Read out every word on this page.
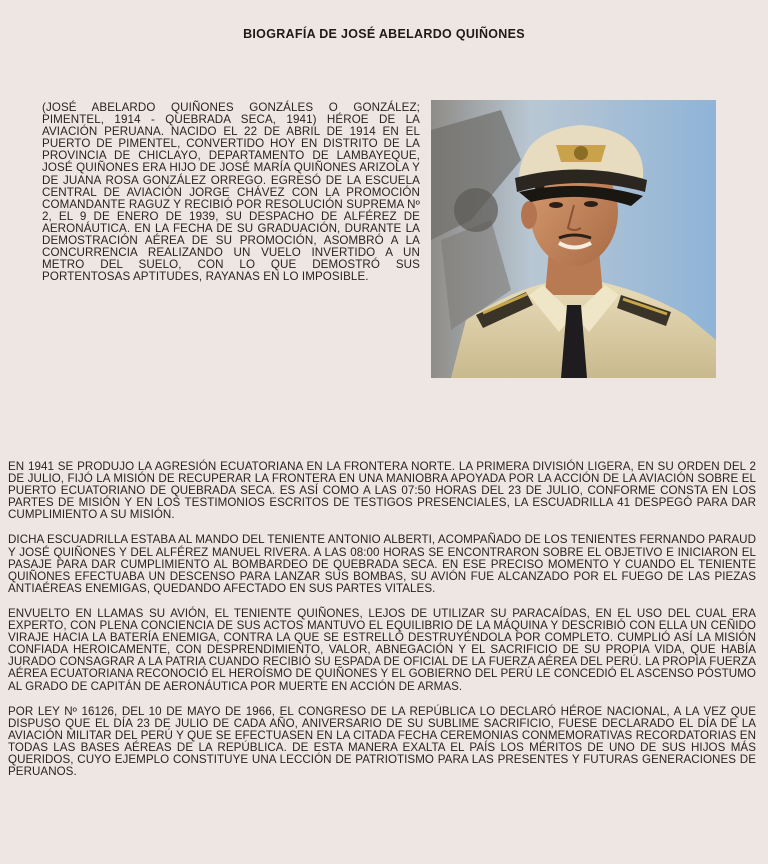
BIOGRAFÍA DE JOSÉ ABELARDO QUIÑONES
(JOSÉ ABELARDO QUIÑONES GONZÁLES O GONZÁLEZ; PIMENTEL, 1914 - QUEBRADA SECA, 1941) HÉROE DE LA AVIACIÓN PERUANA. NACIDO EL 22 DE ABRIL DE 1914 EN EL PUERTO DE PIMENTEL, CONVERTIDO HOY EN DISTRITO DE LA PROVINCIA DE CHICLAYO, DEPARTAMENTO DE LAMBAYEQUE, JOSÉ QUIÑONES ERA HIJO DE JOSÉ MARÍA QUIÑONES ARIZOLA Y DE JUANA ROSA GONZÁLEZ ORREGO. EGRESÓ DE LA ESCUELA CENTRAL DE AVIACIÓN JORGE CHÁVEZ CON LA PROMOCIÓN COMANDANTE RAGUZ Y RECIBIÓ POR RESOLUCIÓN SUPREMA Nº 2, EL 9 DE ENERO DE 1939, SU DESPACHO DE ALFÉREZ DE AERONÁUTICA. EN LA FECHA DE SU GRADUACIÓN, DURANTE LA DEMOSTRACIÓN AÉREA DE SU PROMOCIÓN, ASOMBRÓ A LA CONCURRENCIA REALIZANDO UN VUELO INVERTIDO A UN METRO DEL SUELO, CON LO QUE DEMOSTRÓ SUS PORTENTOSAS APTITUDES, RAYANAS EN LO IMPOSIBLE.

EN 1941 SE PRODUJO LA AGRESIÓN ECUATORIANA EN LA FRONTERA NORTE. LA PRIMERA DIVISIÓN LIGERA, EN SU ORDEN DEL 2 DE JULIO, FIJÓ LA MISIÓN DE RECUPERAR LA FRONTERA EN UNA MANIOBRA APOYADA POR LA ACCIÓN DE LA AVIACIÓN SOBRE EL PUERTO ECUATORIANO DE QUEBRADA SECA. ES ASÍ COMO A LAS 07:50 HORAS DEL 23 DE JULIO, CONFORME CONSTA EN LOS PARTES DE MISIÓN Y EN LOS TESTIMONIOS ESCRITOS DE TESTIGOS PRESENCIALES, LA ESCUADRILLA 41 DESPEGÓ PARA DAR CUMPLIMIENTO A SU MISIÓN.

DICHA ESCUADRILLA ESTABA AL MANDO DEL TENIENTE ANTONIO ALBERTI, ACOMPAÑADO DE LOS TENIENTES FERNANDO PARAUD Y JOSÉ QUIÑONES Y DEL ALFÉREZ MANUEL RIVERA. A LAS 08:00 HORAS SE ENCONTRARON SOBRE EL OBJETIVO E INICIARON EL PASAJE PARA DAR CUMPLIMIENTO AL BOMBARDEO DE QUEBRADA SECA. EN ESE PRECISO MOMENTO Y CUANDO EL TENIENTE QUIÑONES EFECTUABA UN DESCENSO PARA LANZAR SUS BOMBAS, SU AVIÓN FUE ALCANZADO POR EL FUEGO DE LAS PIEZAS ANTIAÉREAS ENEMIGAS, QUEDANDO AFECTADO EN SUS PARTES VITALES.

ENVUELTO EN LLAMAS SU AVIÓN, EL TENIENTE QUIÑONES, LEJOS DE UTILIZAR SU PARACAÍDAS, EN EL USO DEL CUAL ERA EXPERTO, CON PLENA CONCIENCIA DE SUS ACTOS MANTUVO EL EQUILIBRIO DE LA MÁQUINA Y DESCRIBIÓ CON ELLA UN CEÑIDO VIRAJE HACIA LA BATERÍA ENEMIGA, CONTRA LA QUE SE ESTRELLÓ DESTRUYÉNDOLA POR COMPLETO. CUMPLIÓ ASÍ LA MISIÓN CONFIADA HEROICAMENTE, CON DESPRENDIMIENTO, VALOR, ABNEGACIÓN Y EL SACRIFICIO DE SU PROPIA VIDA, QUE HABÍA JURADO CONSAGRAR A LA PATRIA CUANDO RECIBIÓ SU ESPADA DE OFICIAL DE LA FUERZA AÉREA DEL PERÚ. LA PROPIA FUERZA AÉREA ECUATORIANA RECONOCIÓ EL HEROÍSMO DE QUIÑONES Y EL GOBIERNO DEL PERÚ LE CONCEDIÓ EL ASCENSO PÓSTUMO AL GRADO DE CAPITÁN DE AERONÁUTICA POR MUERTE EN ACCIÓN DE ARMAS.

POR LEY Nº 16126, DEL 10 DE MAYO DE 1966, EL CONGRESO DE LA REPÚBLICA LO DECLARÓ HÉROE NACIONAL, A LA VEZ QUE DISPUSO QUE EL DÍA 23 DE JULIO DE CADA AÑO, ANIVERSARIO DE SU SUBLIME SACRIFICIO, FUESE DECLARADO EL DÍA DE LA AVIACIÓN MILITAR DEL PERÚ Y QUE SE EFECTUASEN EN LA CITADA FECHA CEREMONIAS CONMEMORATIVAS RECORDATORIAS EN TODAS LAS BASES AÉREAS DE LA REPÚBLICA. DE ESTA MANERA EXALTA EL PAÍS LOS MÉRITOS DE UNO DE SUS HIJOS MÁS QUERIDOS, CUYO EJEMPLO CONSTITUYE UNA LECCIÓN DE PATRIOTISMO PARA LAS PRESENTES Y FUTURAS GENERACIONES DE PERUANOS.
